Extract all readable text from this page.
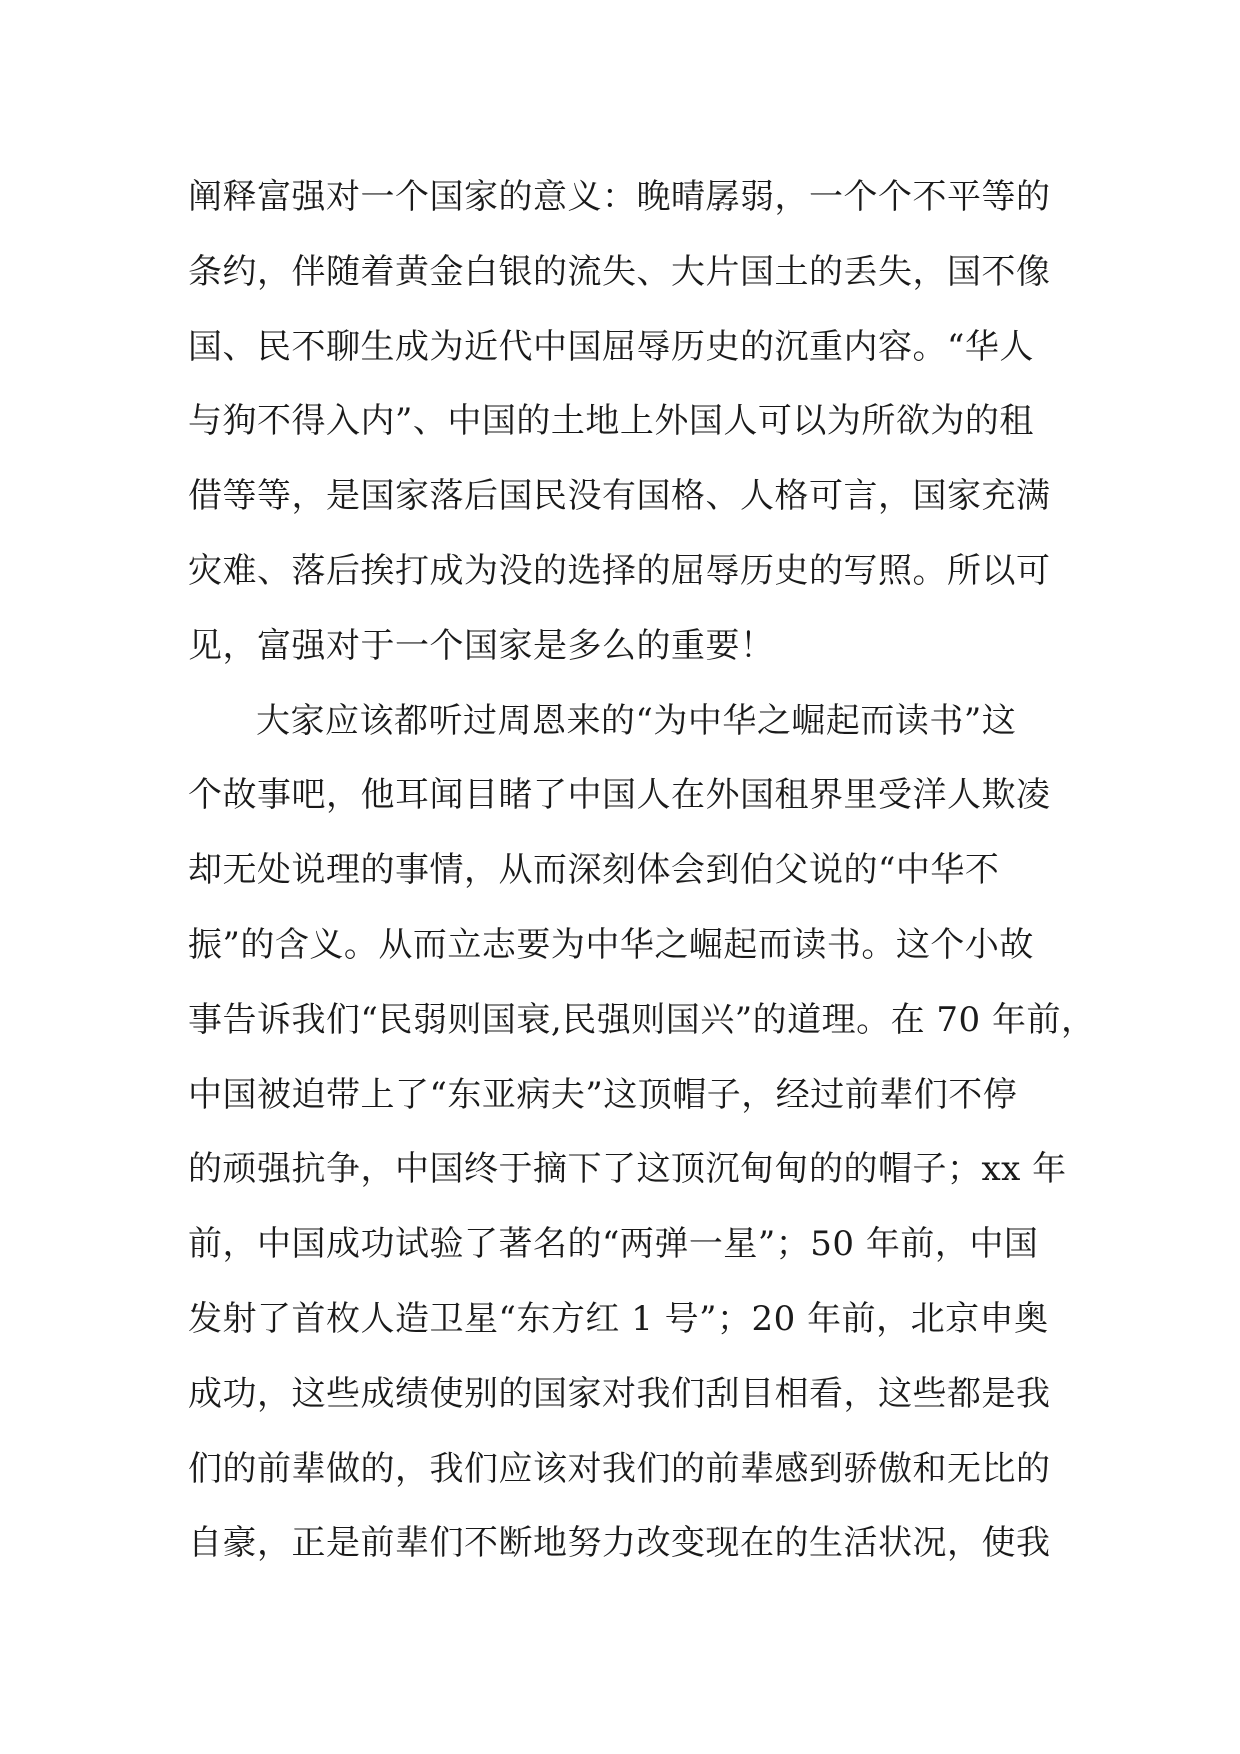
阐释富强对一个国家的意义：晚晴孱弱，一个个不平等的
条约，伴随着黄金白银的流失、大片国土的丢失，国不像
国、民不聊生成为近代中国屈辱历史的沉重内容。“华人
与狗不得入内”、中国的土地上外国人可以为所欲为的租
借等等，是国家落后国民没有国格、人格可言，国家充满
灾难、落后挨打成为没的选择的屈辱历史的写照。所以可
见，富强对于一个国家是多么的重要！
大家应该都听过周恩来的“为中华之崛起而读书”这
个故事吧，他耳闻目睹了中国人在外国租界里受洋人欺凌
却无处说理的事情，从而深刻体会到伯父说的“中华不
振”的含义。从而立志要为中华之崛起而读书。这个小故
事告诉我们“民弱则国衰,民强则国兴”的道理。在 70 年前，
中国被迫带上了“东亚病夫”这顶帽子，经过前辈们不停
的顽强抗争，中国终于摘下了这顶沉甸甸的的帽子；xx 年
前，中国成功试验了著名的“两弹一星”；50 年前，中国
发射了首枚人造卫星“东方红 1 号”；20 年前，北京申奥
成功，这些成绩使别的国家对我们刮目相看，这些都是我
们的前辈做的，我们应该对我们的前辈感到骄傲和无比的
自豪，正是前辈们不断地努力改变现在的生活状况，使我
